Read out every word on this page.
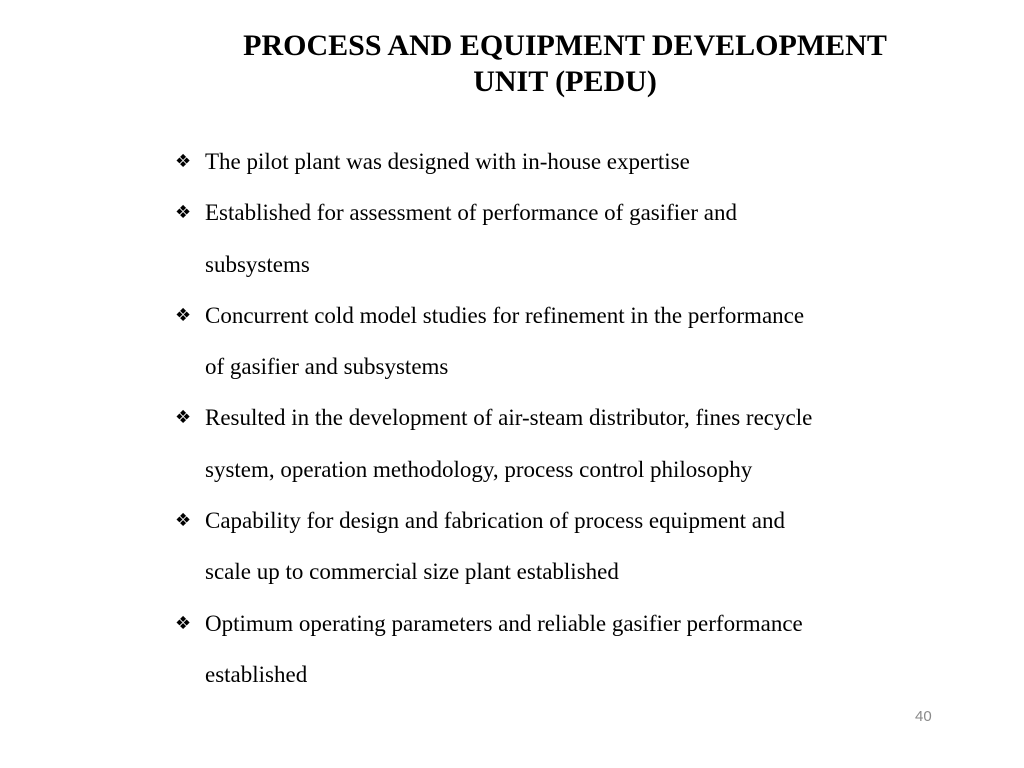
PROCESS AND EQUIPMENT DEVELOPMENT
UNIT (PEDU)
❖ The pilot plant was designed with in-house expertise
❖ Established for assessment of performance of gasifier and
subsystems
❖ Concurrent cold model studies for refinement in the performance
of gasifier and subsystems
❖ Resulted in the development of air-steam distributor, fines recycle
system, operation methodology, process control philosophy
❖ Capability for design and fabrication of process equipment and
scale up to commercial size plant established
❖ Optimum operating parameters and reliable gasifier performance
established
40
